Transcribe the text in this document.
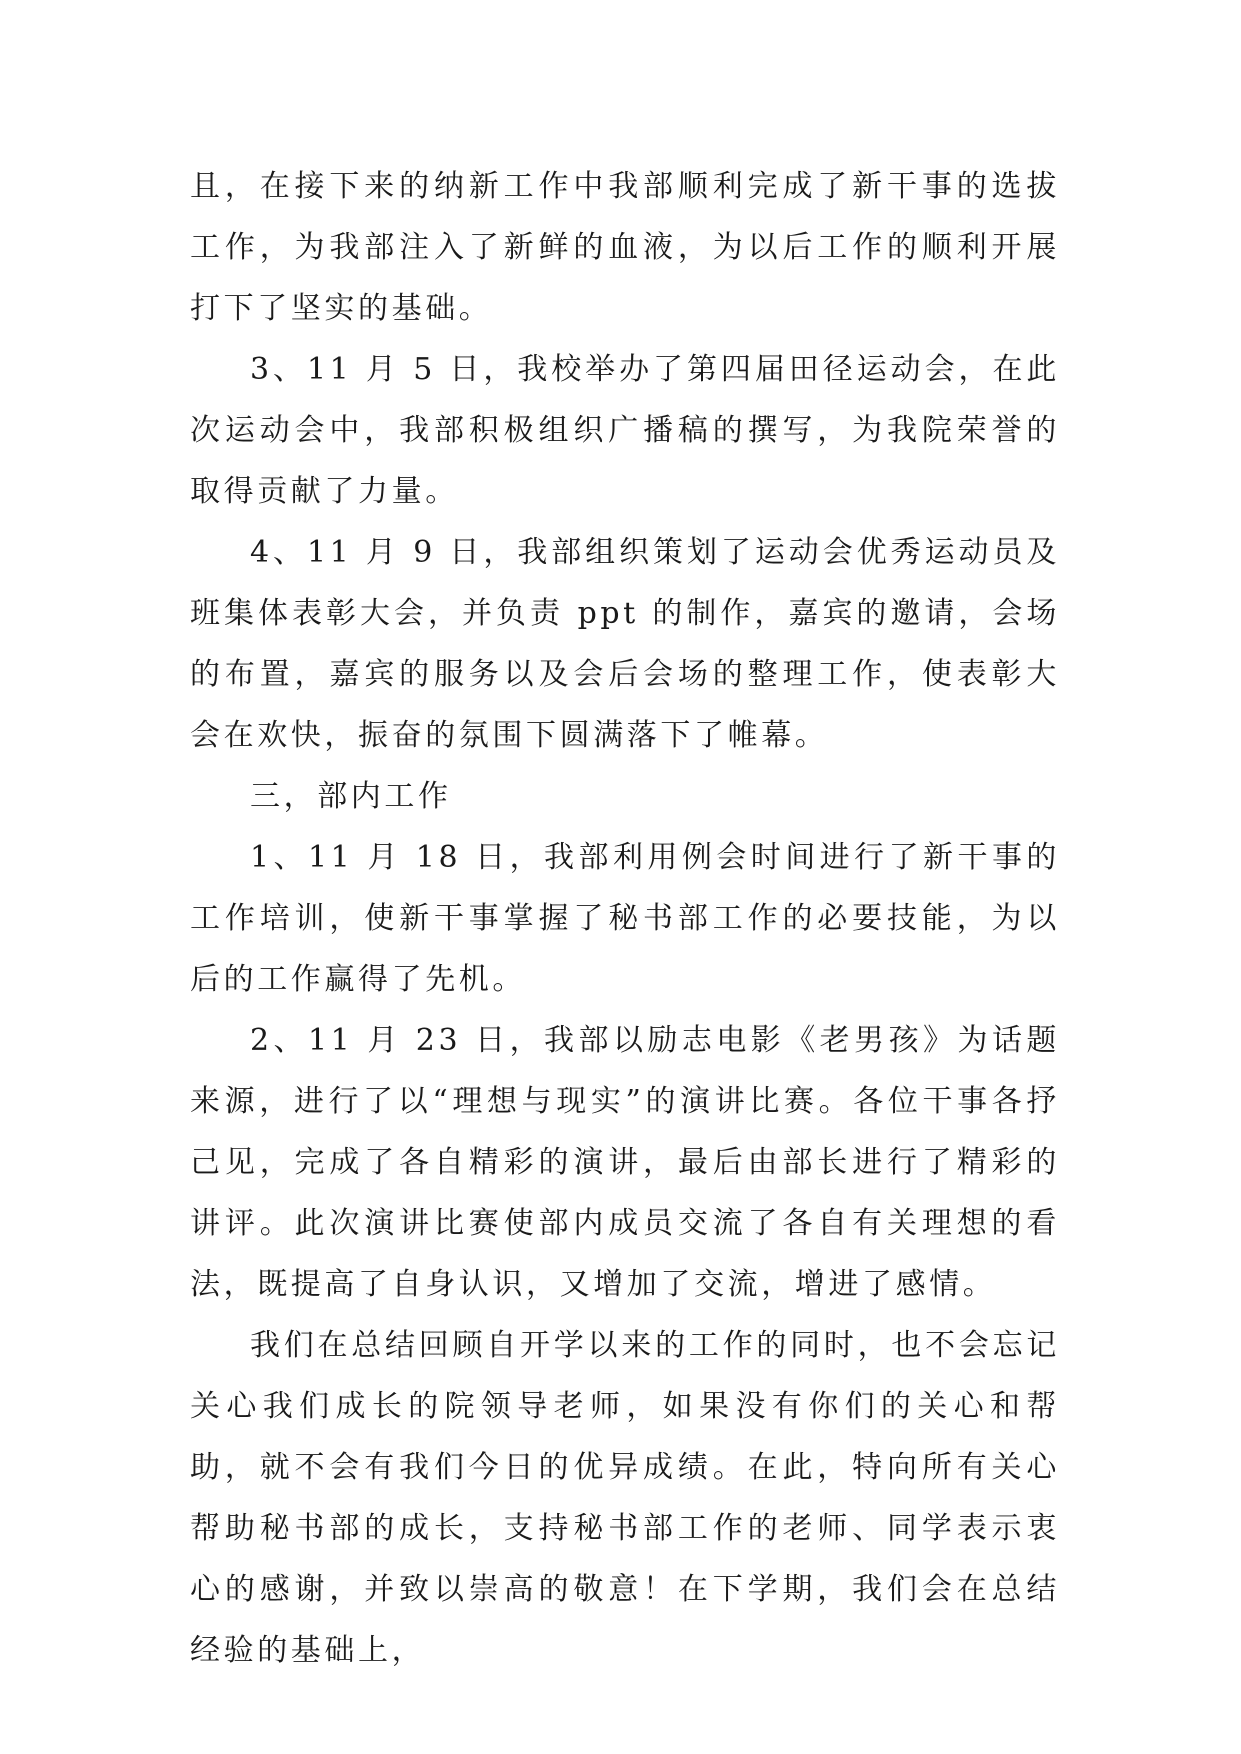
且，在接下来的纳新工作中我部顺利完成了新干事的选拔工作，为我部注入了新鲜的血液，为以后工作的顺利开展打下了坚实的基础。

3、11 月 5 日，我校举办了第四届田径运动会，在此次运动会中，我部积极组织广播稿的撰写，为我院荣誉的取得贡献了力量。

4、11 月 9 日，我部组织策划了运动会优秀运动员及班集体表彰大会，并负责 ppt 的制作，嘉宾的邀请，会场的布置，嘉宾的服务以及会后会场的整理工作，使表彰大会在欢快，振奋的氛围下圆满落下了帷幕。

三，部内工作

1、11 月 18 日，我部利用例会时间进行了新干事的工作培训，使新干事掌握了秘书部工作的必要技能，为以后的工作赢得了先机。

2、11 月 23 日，我部以励志电影《老男孩》为话题来源，进行了以“理想与现实”的演讲比赛。各位干事各抒己见，完成了各自精彩的演讲，最后由部长进行了精彩的讲评。此次演讲比赛使部内成员交流了各自有关理想的看法，既提高了自身认识，又增加了交流，增进了感情。

我们在总结回顾自开学以来的工作的同时，也不会忘记关心我们成长的院领导老师，如果没有你们的关心和帮助，就不会有我们今日的优异成绩。在此，特向所有关心帮助秘书部的成长，支持秘书部工作的老师、同学表示衷心的感谢，并致以崇高的敬意！在下学期，我们会在总结经验的基础上，
